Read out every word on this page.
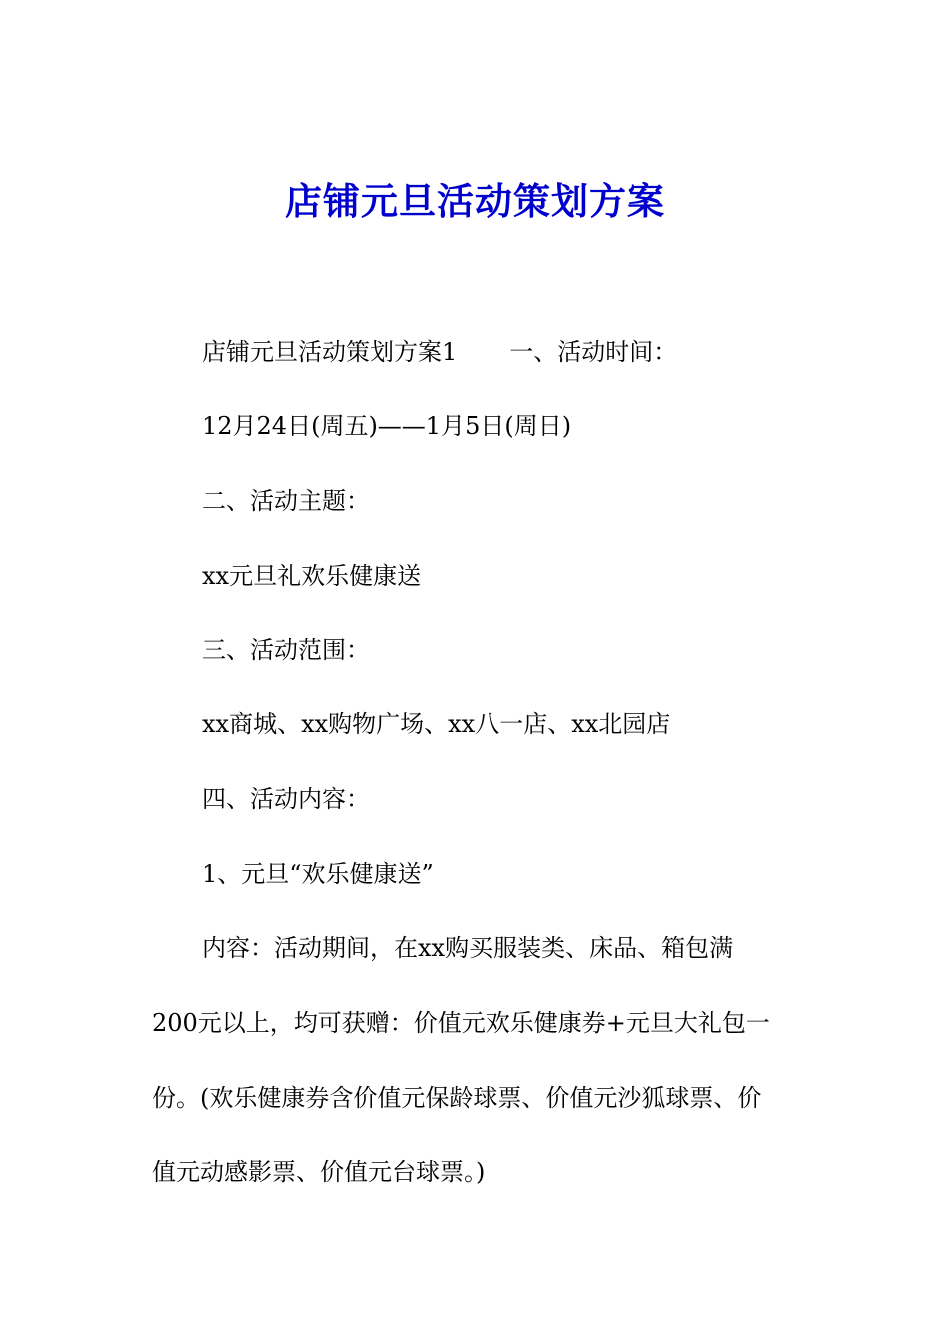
店铺元旦活动策划方案

店铺元旦活动策划方案1 一、活动时间：

12月24日(周五)——1月5日(周日)

二、活动主题：

xx元旦礼欢乐健康送

三、活动范围：

xx商城、xx购物广场、xx八一店、xx北园店

四、活动内容：

1、元旦“欢乐健康送”

内容：活动期间，在xx购买服装类、床品、箱包满

200元以上，均可获赠：价值元欢乐健康券+元旦大礼包一

份。(欢乐健康券含价值元保龄球票、价值元沙狐球票、价

值元动感影票、价值元台球票。)
